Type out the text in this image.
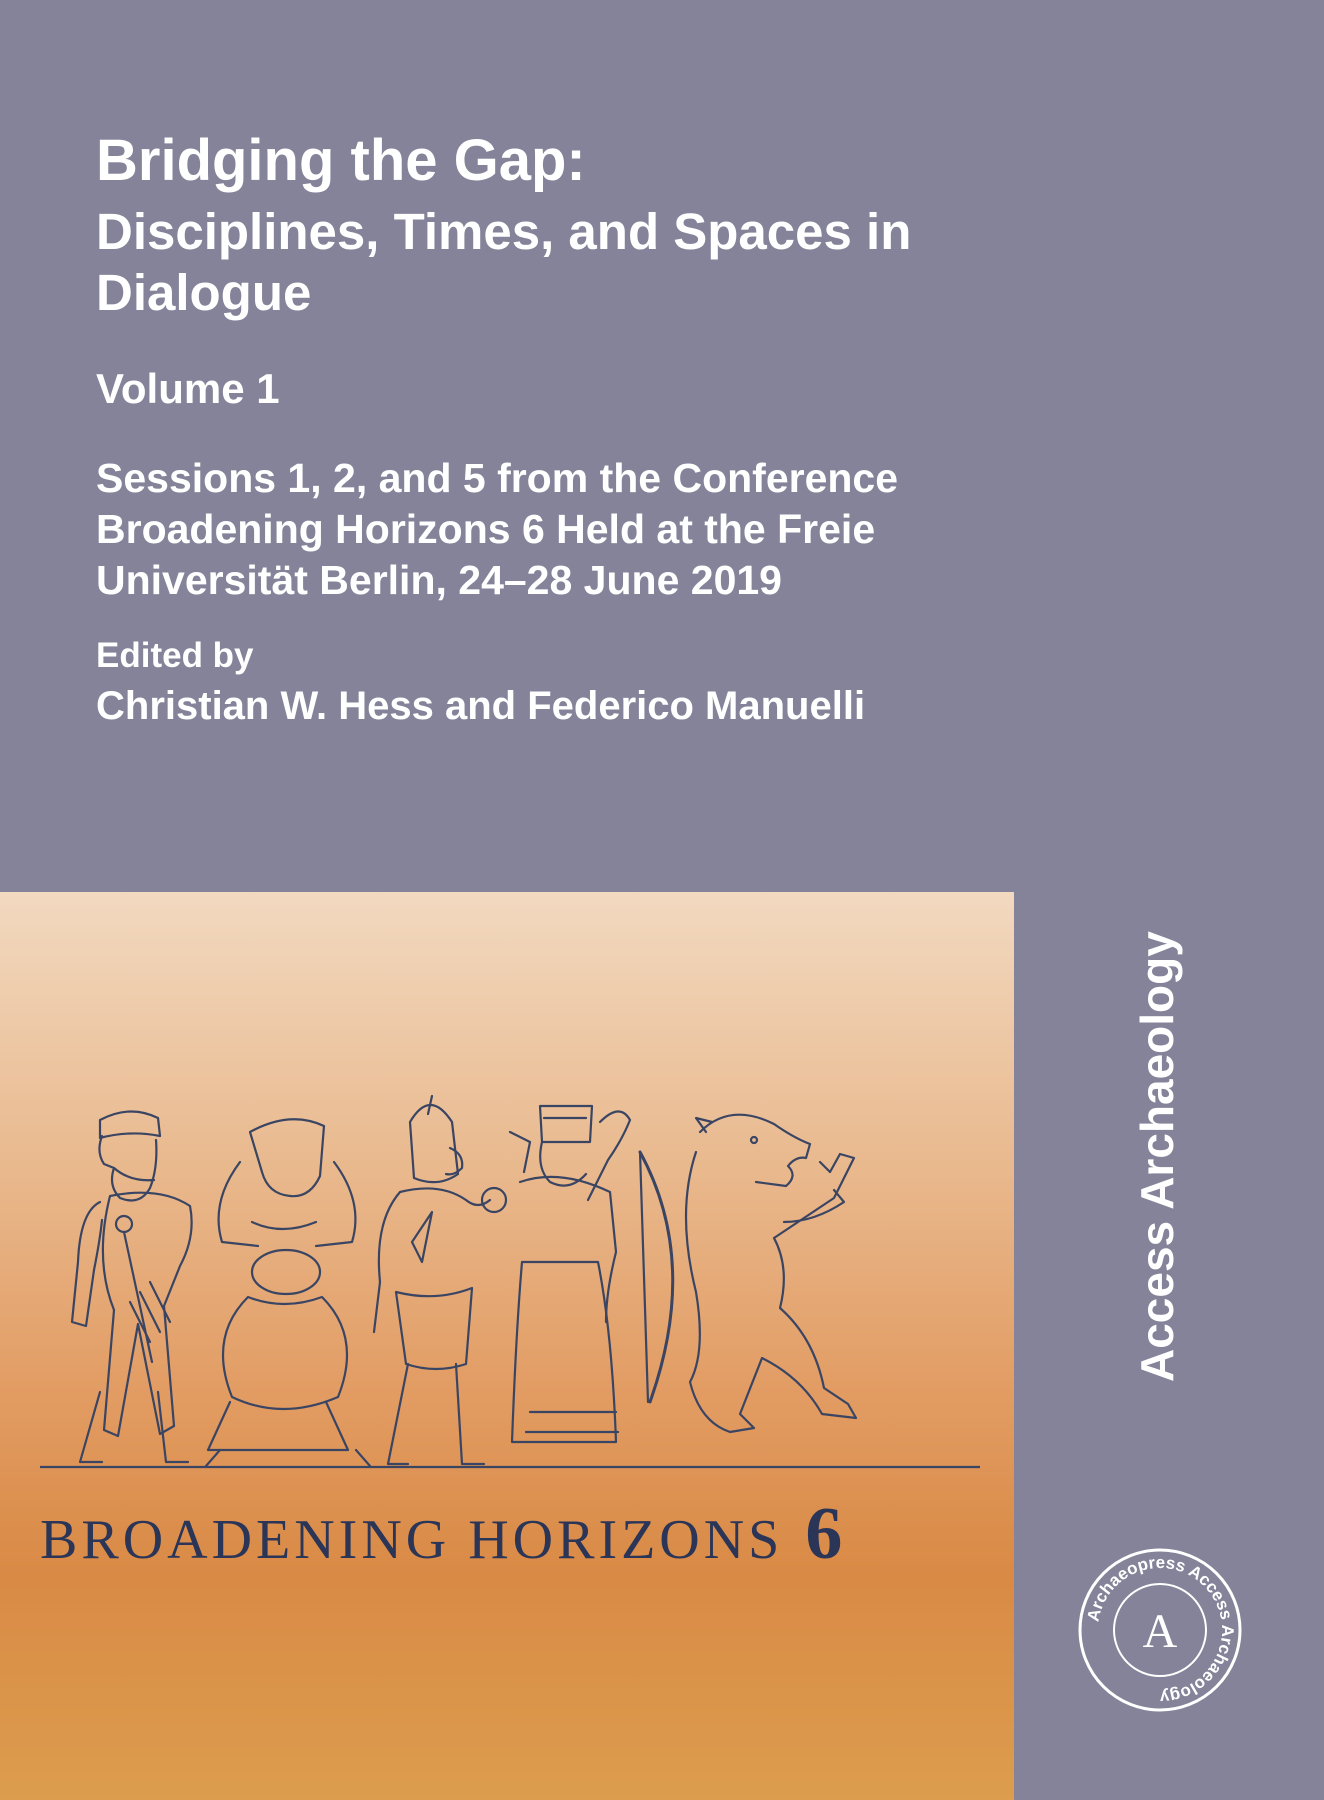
Bridging the Gap:
Disciplines, Times, and Spaces in
Dialogue
Volume 1
Sessions 1, 2, and 5 from the Conference
Broadening Horizons 6 Held at the Freie
Universität Berlin, 24–28 June 2019
Edited by
Christian W. Hess and Federico Manuelli
BROADENING HORIZONS 6
Access Archaeology
Archaeopress Access Archaeology
A
